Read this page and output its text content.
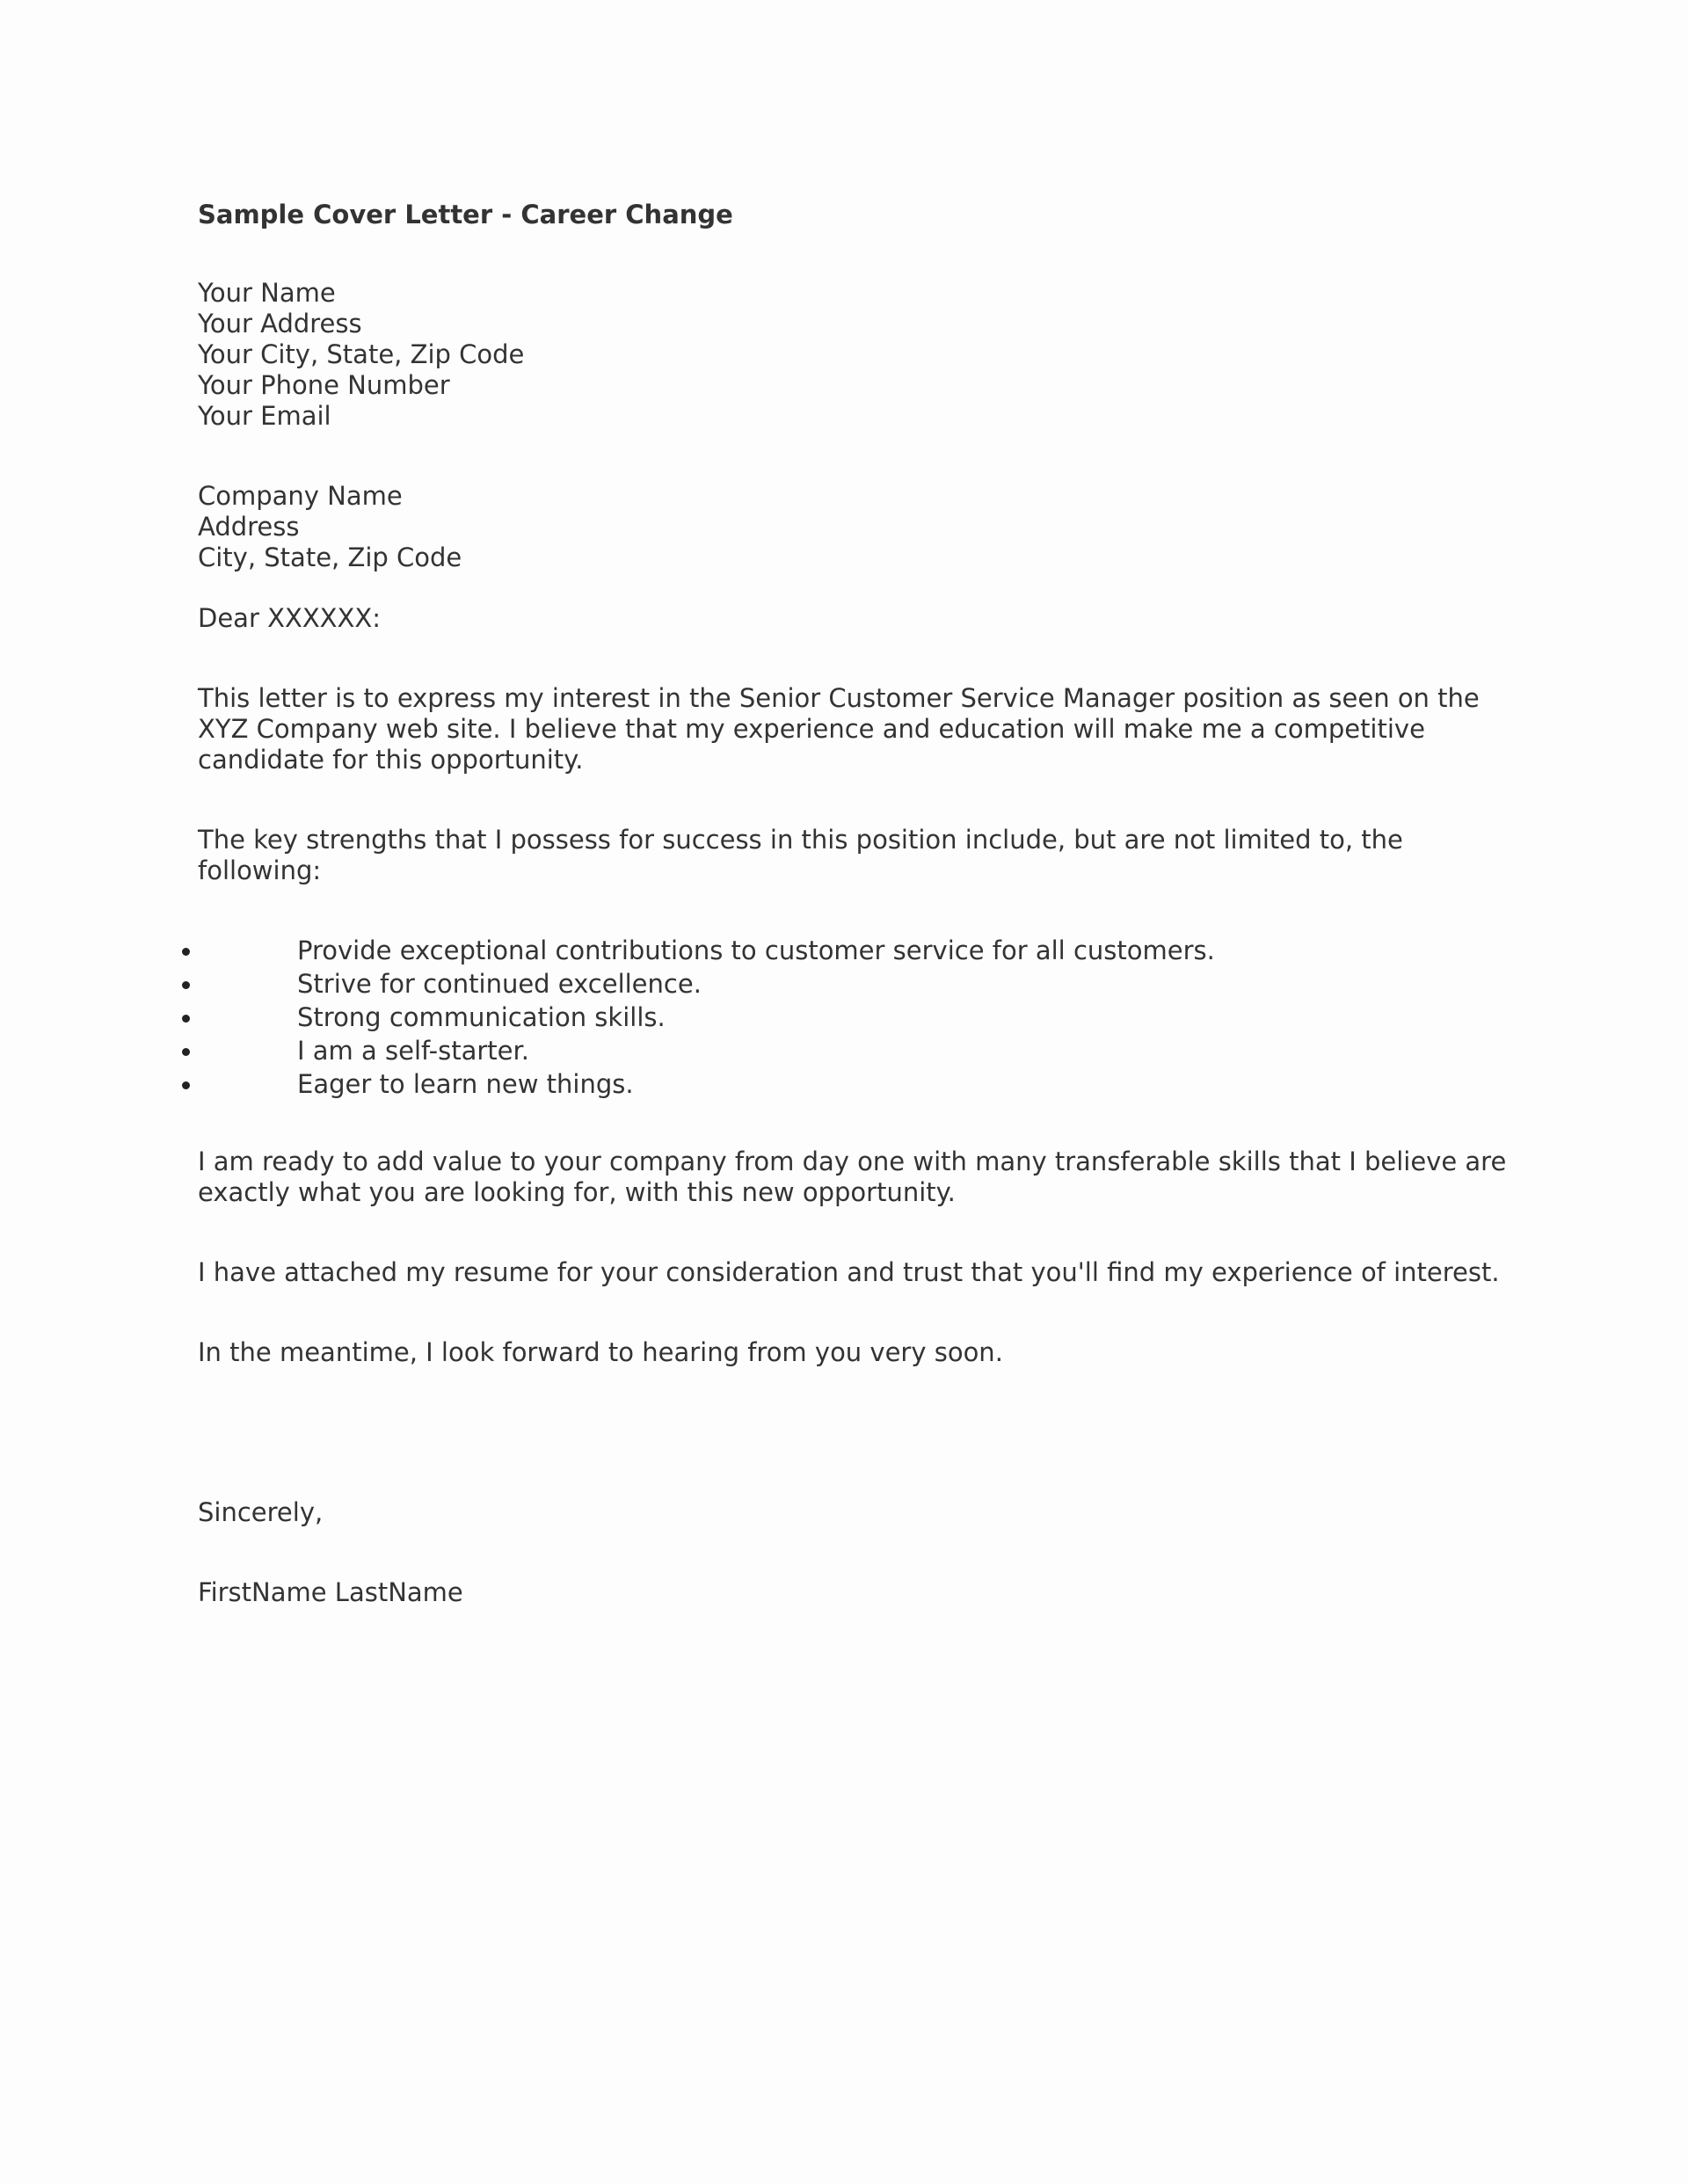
Sample Cover Letter - Career Change
Your Name
Your Address
Your City, State, Zip Code
Your Phone Number
Your Email
Company Name
Address
City, State, Zip Code
Dear XXXXXX:
This letter is to express my interest in the Senior Customer Service Manager position as seen on the
XYZ Company web site. I believe that my experience and education will make me a competitive
candidate for this opportunity.
The key strengths that I possess for success in this position include, but are not limited to, the
following:
Provide exceptional contributions to customer service for all customers.
Strive for continued excellence.
Strong communication skills.
I am a self-starter.
Eager to learn new things.
I am ready to add value to your company from day one with many transferable skills that I believe are
exactly what you are looking for, with this new opportunity.
I have attached my resume for your consideration and trust that you'll find my experience of interest.
In the meantime, I look forward to hearing from you very soon.
Sincerely,
FirstName LastName
